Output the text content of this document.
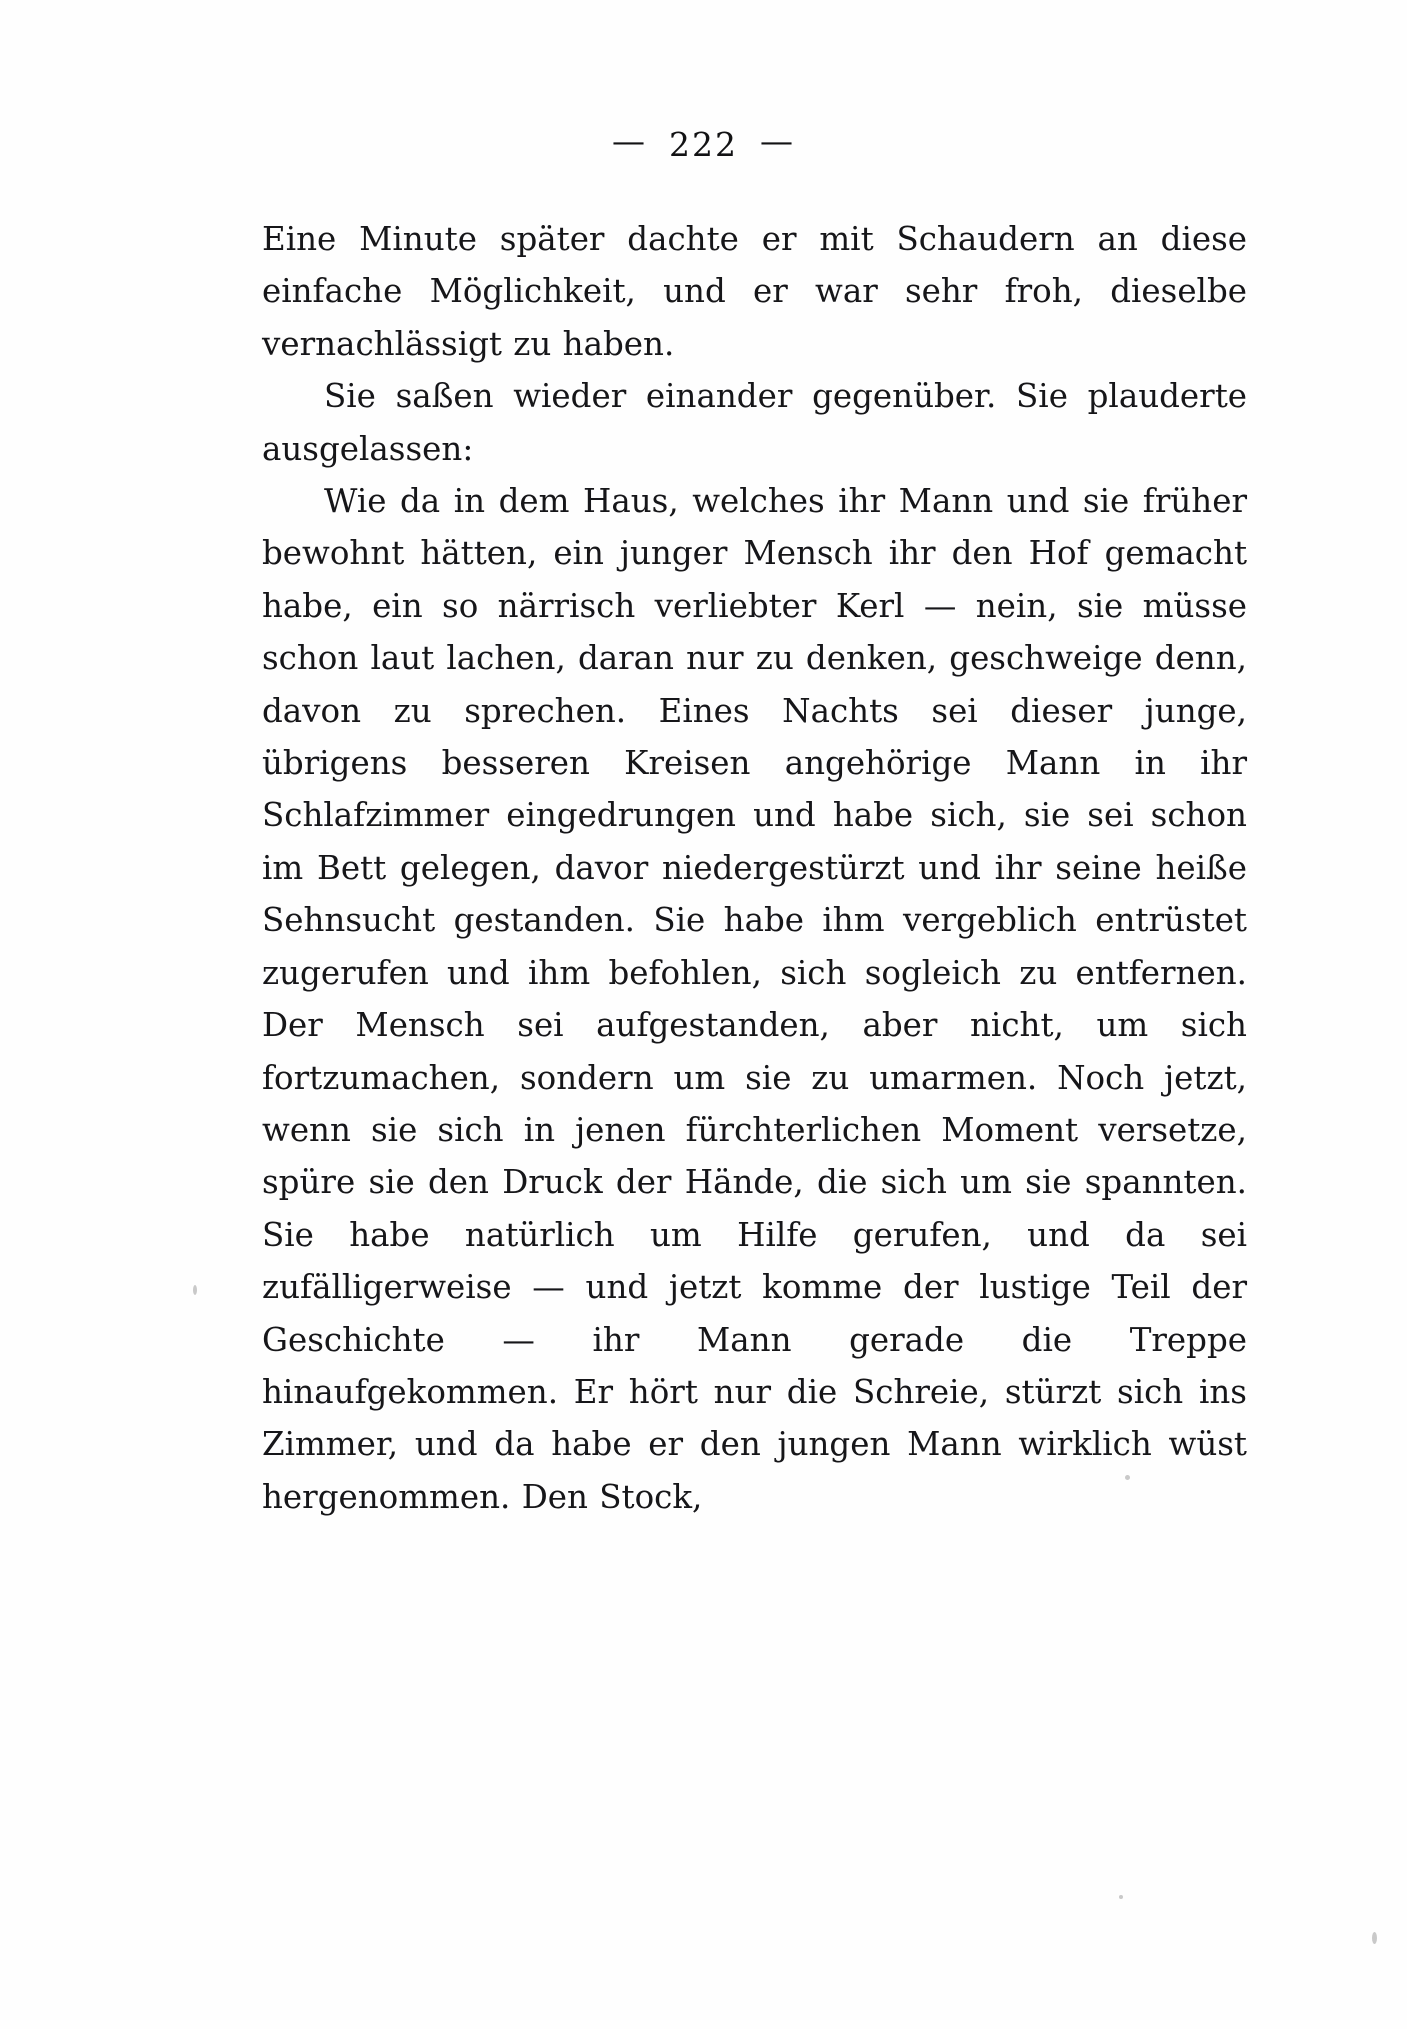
— 222 —

Eine Minute später dachte er mit Schaudern an diese einfache Möglichkeit, und er war sehr froh, dieselbe vernachlässigt zu haben.

Sie saßen wieder einander gegenüber. Sie plauderte ausgelassen:

Wie da in dem Haus, welches ihr Mann und sie früher bewohnt hätten, ein junger Mensch ihr den Hof gemacht habe, ein so närrisch verliebter Kerl — nein, sie müsse schon laut lachen, daran nur zu denken, geschweige denn, davon zu sprechen. Eines Nachts sei dieser junge, übrigens besseren Kreisen angehörige Mann in ihr Schlafzimmer eingedrungen und habe sich, sie sei schon im Bett gelegen, davor niedergestürzt und ihr seine heiße Sehnsucht gestanden. Sie habe ihm vergeblich entrüstet zugerufen und ihm befohlen, sich sogleich zu entfernen. Der Mensch sei aufgestanden, aber nicht, um sich fortzumachen, sondern um sie zu umarmen. Noch jetzt, wenn sie sich in jenen fürchterlichen Moment versetze, spüre sie den Druck der Hände, die sich um sie spannten. Sie habe natürlich um Hilfe gerufen, und da sei zufälligerweise — und jetzt komme der lustige Teil der Geschichte — ihr Mann gerade die Treppe hinaufgekommen. Er hört nur die Schreie, stürzt sich ins Zimmer, und da habe er den jungen Mann wirklich wüst hergenommen. Den Stock,
